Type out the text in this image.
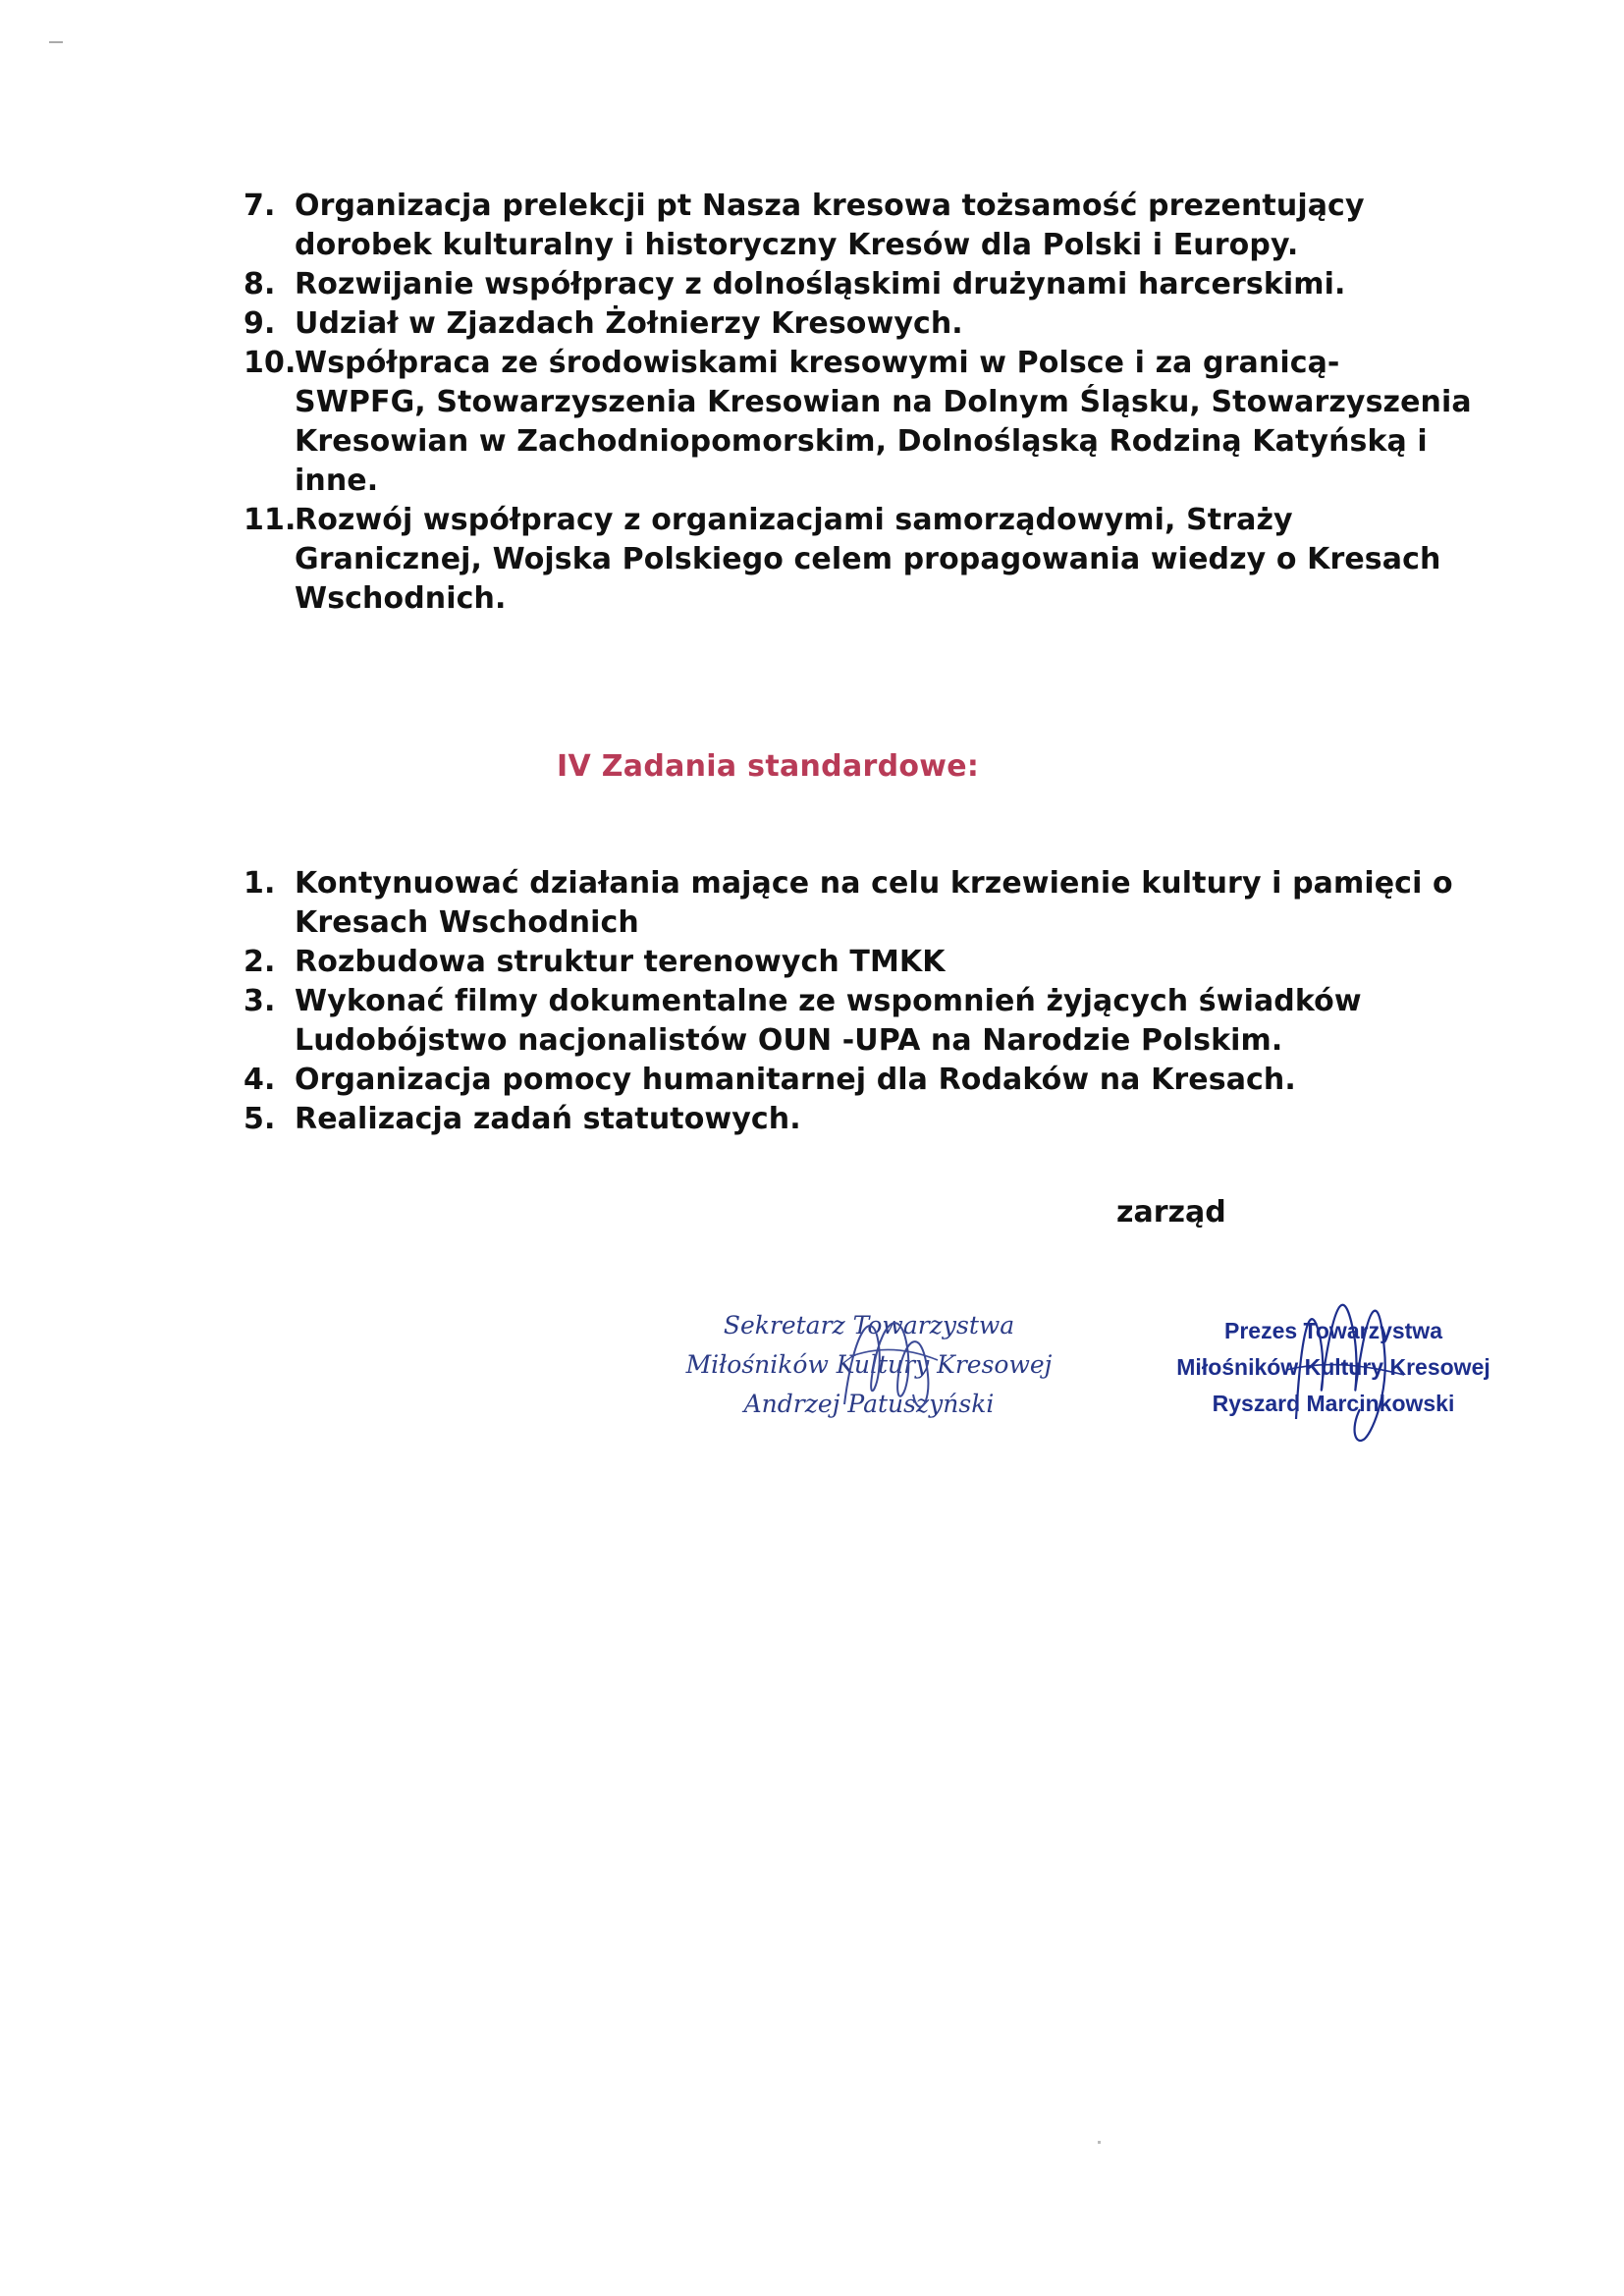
7. Organizacja prelekcji pt Nasza kresowa tożsamość prezentujący dorobek kulturalny i historyczny Kresów dla Polski i Europy.
8. Rozwijanie współpracy z dolnośląskimi drużynami harcerskimi.
9. Udział w Zjazdach Żołnierzy Kresowych.
10.
Współpraca ze środowiskami kresowymi w Polsce i za granicą- SWPFG, Stowarzyszenia Kresowian na Dolnym Śląsku, Stowarzyszenia Kresowian w Zachodniopomorskim, Dolnośląską Rodziną Katyńską i inne.
11.
Rozwój współpracy z organizacjami samorządowymi, Straży Granicznej, Wojska Polskiego celem propagowania wiedzy o Kresach Wschodnich.
IV Zadania standardowe:
1. Kontynuować działania mające na celu krzewienie kultury i pamięci o Kresach Wschodnich
2. Rozbudowa struktur terenowych TMKK
3. Wykonać filmy dokumentalne ze wspomnień żyjących świadków Ludobójstwo nacjonalistów OUN -UPA na Narodzie Polskim.
4. Organizacja pomocy humanitarnej dla Rodaków na Kresach.
5. Realizacja zadań statutowych.
zarząd
Sekretarz Towarzystwa
Miłośników Kultury Kresowej
Andrzej Patuszyński
Prezes Towarzystwa
Miłośników Kultury Kresowej
Ryszard Marcinkowski
